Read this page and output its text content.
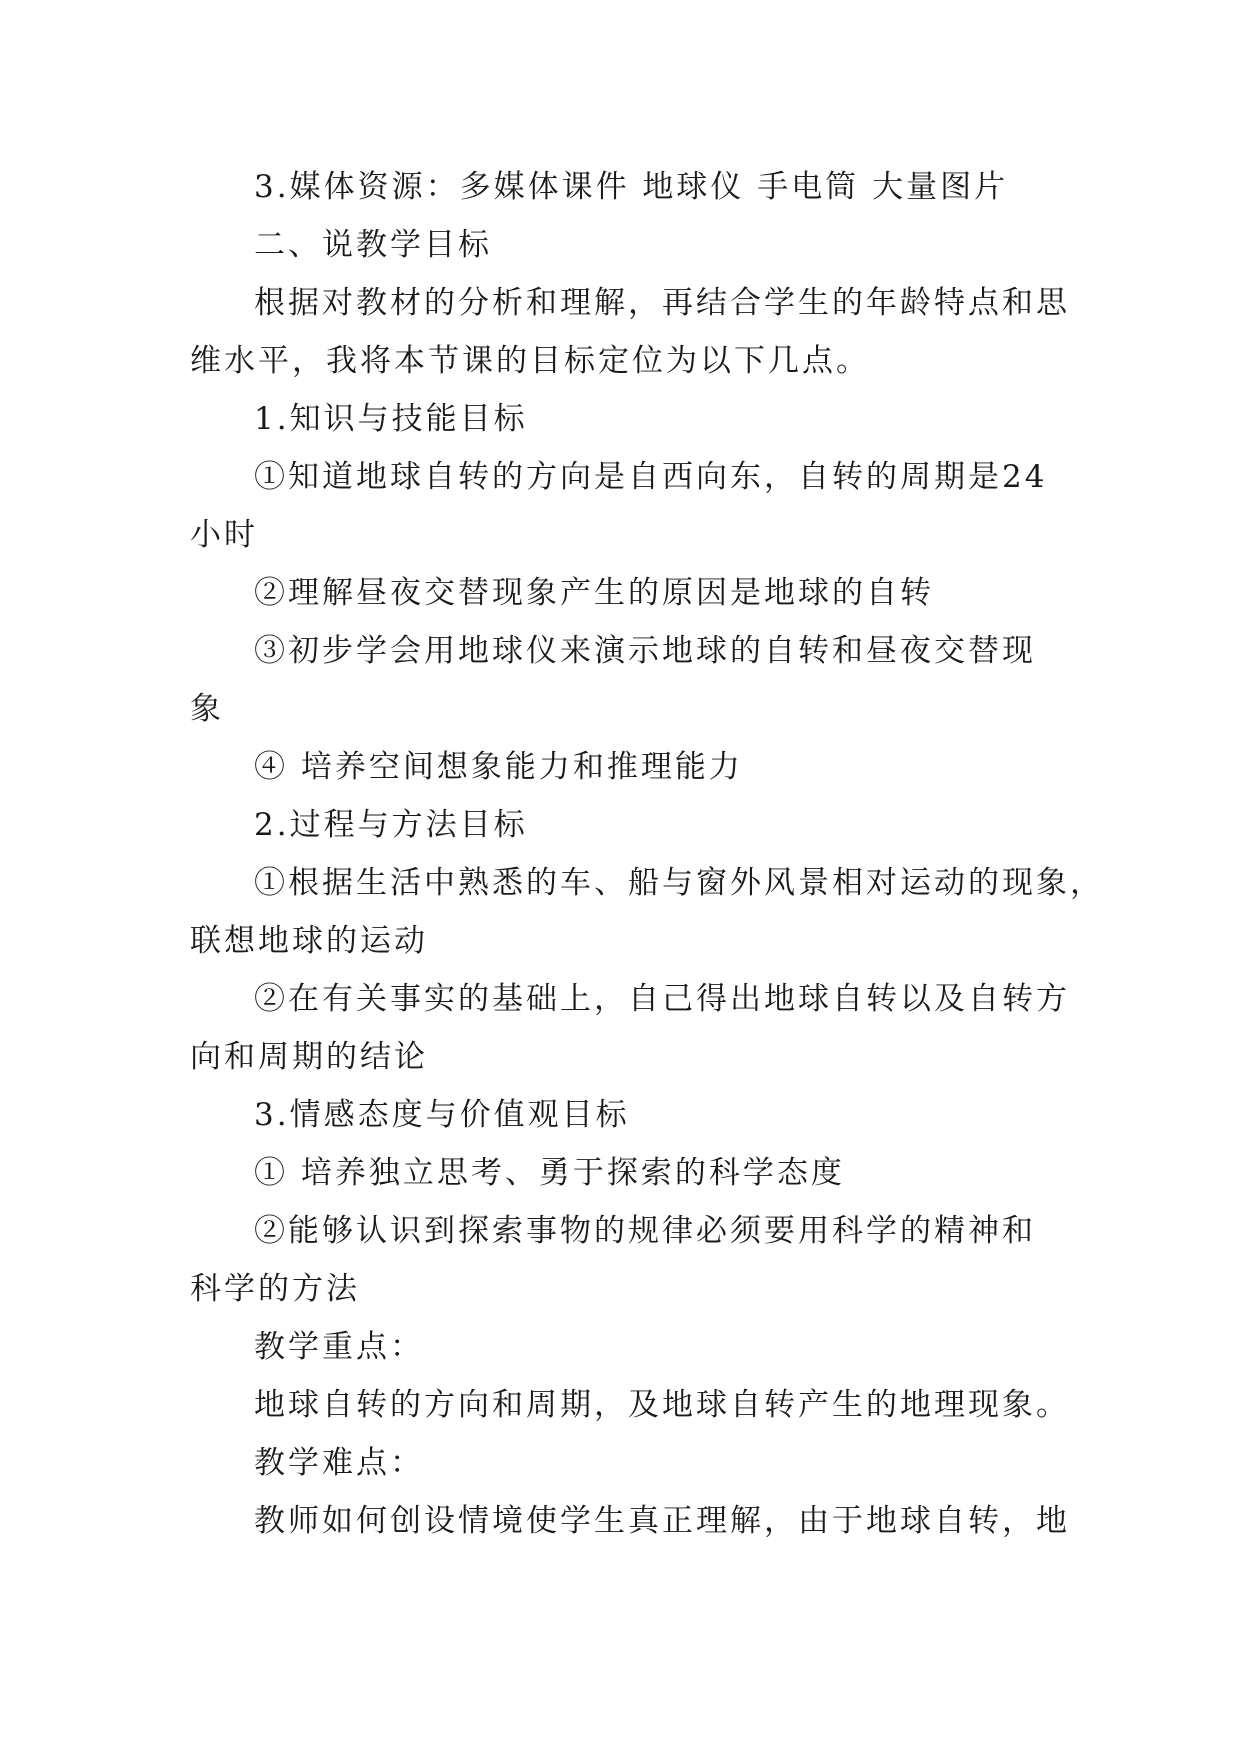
3.媒体资源：多媒体课件 地球仪 手电筒 大量图片
二、说教学目标
根据对教材的分析和理解，再结合学生的年龄特点和思
维水平，我将本节课的目标定位为以下几点。
1.知识与技能目标
①知道地球自转的方向是自西向东，自转的周期是24
小时
②理解昼夜交替现象产生的原因是地球的自转
③初步学会用地球仪来演示地球的自转和昼夜交替现
象
④ 培养空间想象能力和推理能力
2.过程与方法目标
①根据生活中熟悉的车、船与窗外风景相对运动的现象，
联想地球的运动
②在有关事实的基础上，自己得出地球自转以及自转方
向和周期的结论
3.情感态度与价值观目标
① 培养独立思考、勇于探索的科学态度
②能够认识到探索事物的规律必须要用科学的精神和
科学的方法
教学重点：
地球自转的方向和周期，及地球自转产生的地理现象。
教学难点：
教师如何创设情境使学生真正理解，由于地球自转，地
